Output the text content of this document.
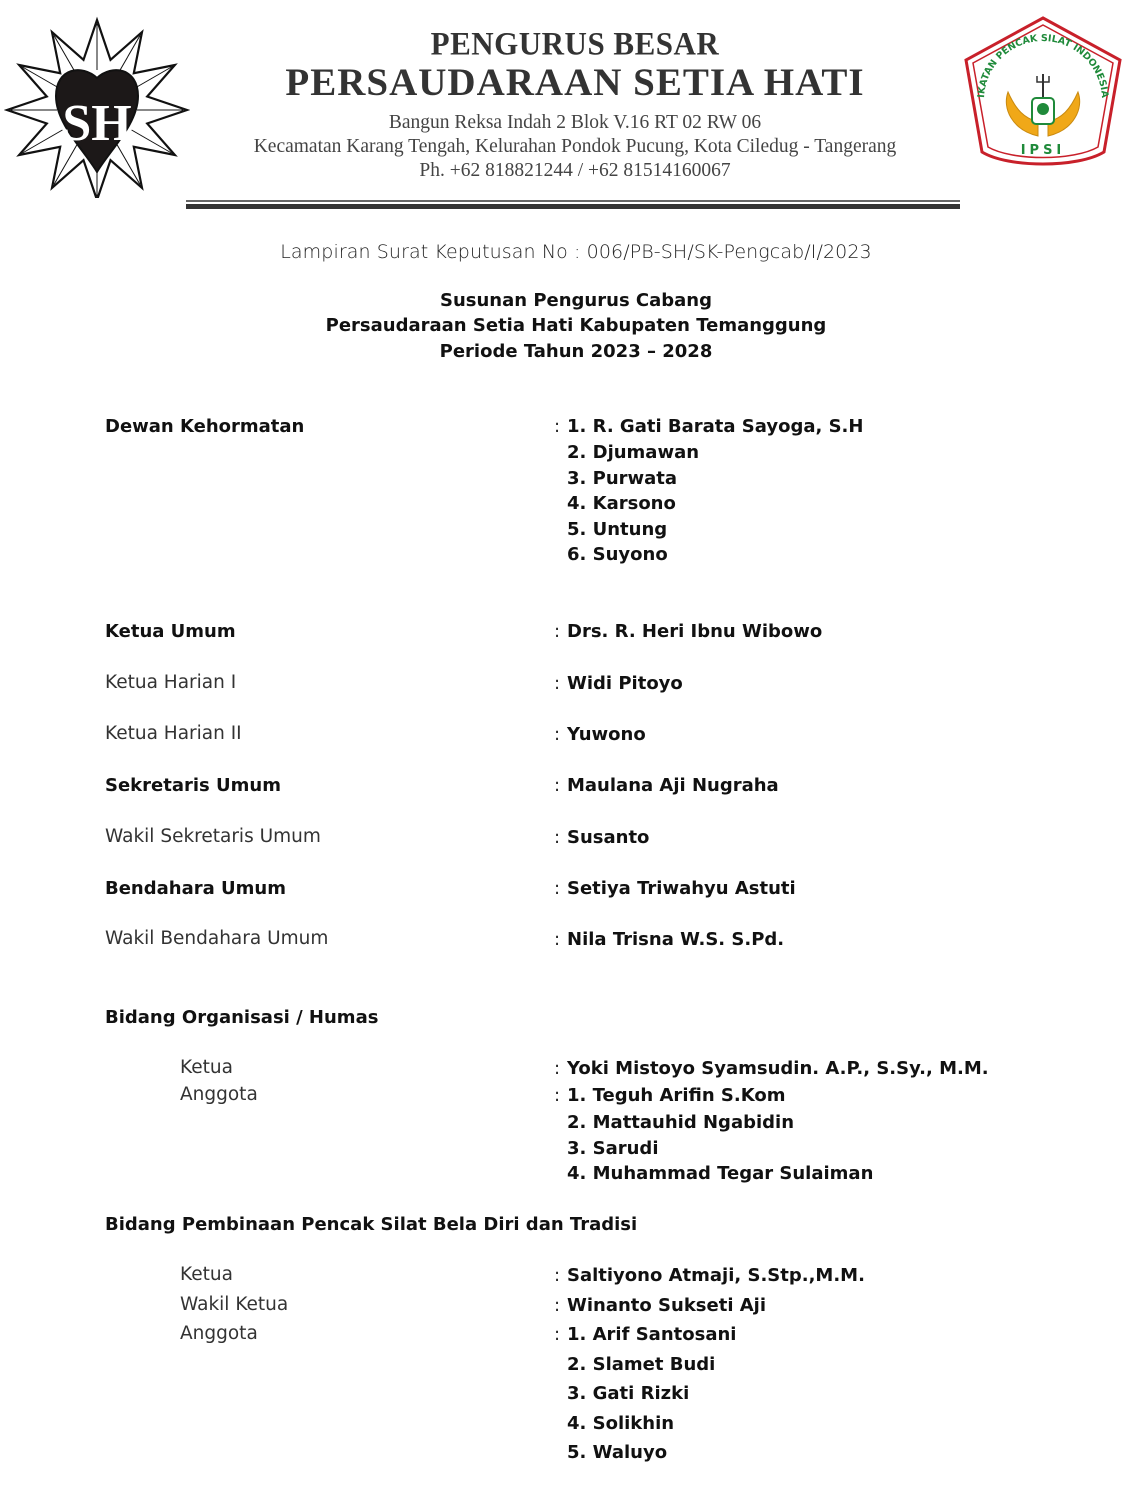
SH
PENGURUS BESAR
PERSAUDARAAN SETIA HATI
Bangun Reksa Indah 2 Blok V.16 RT 02 RW 06
Kecamatan Karang Tengah, Kelurahan Pondok Pucung, Kota Ciledug - Tangerang
Ph. +62 818821244 / +62 81514160067
IKATAN PENCAK SILAT INDONESIA
IPSI
Lampiran Surat Keputusan No : 006/PB-SH/SK-Pengcab/I/2023
Susunan Pengurus Cabang
Persaudaraan Setia Hati Kabupaten Temanggung
Periode Tahun 2023 – 2028
Dewan Kehormatan	: 1. R. Gati Barata Sayoga, S.H
2. Djumawan
3. Purwata
4. Karsono
5. Untung
6. Suyono
Ketua Umum	: Drs. R. Heri Ibnu Wibowo
Ketua Harian I	: Widi Pitoyo
Ketua Harian II	: Yuwono
Sekretaris Umum	: Maulana Aji Nugraha
Wakil Sekretaris Umum	: Susanto
Bendahara Umum	: Setiya Triwahyu Astuti
Wakil Bendahara Umum	: Nila Trisna W.S. S.Pd.
Bidang Organisasi / Humas
Ketua	: Yoki Mistoyo Syamsudin. A.P., S.Sy., M.M.
Anggota	: 1. Teguh Arifin S.Kom
2. Mattauhid Ngabidin
3. Sarudi
4. Muhammad Tegar Sulaiman
Bidang Pembinaan Pencak Silat Bela Diri dan Tradisi
Ketua	: Saltiyono Atmaji, S.Stp.,M.M.
Wakil Ketua	: Winanto Sukseti Aji
Anggota	: 1. Arif Santosani
2. Slamet Budi
3. Gati Rizki
4. Solikhin
5. Waluyo
